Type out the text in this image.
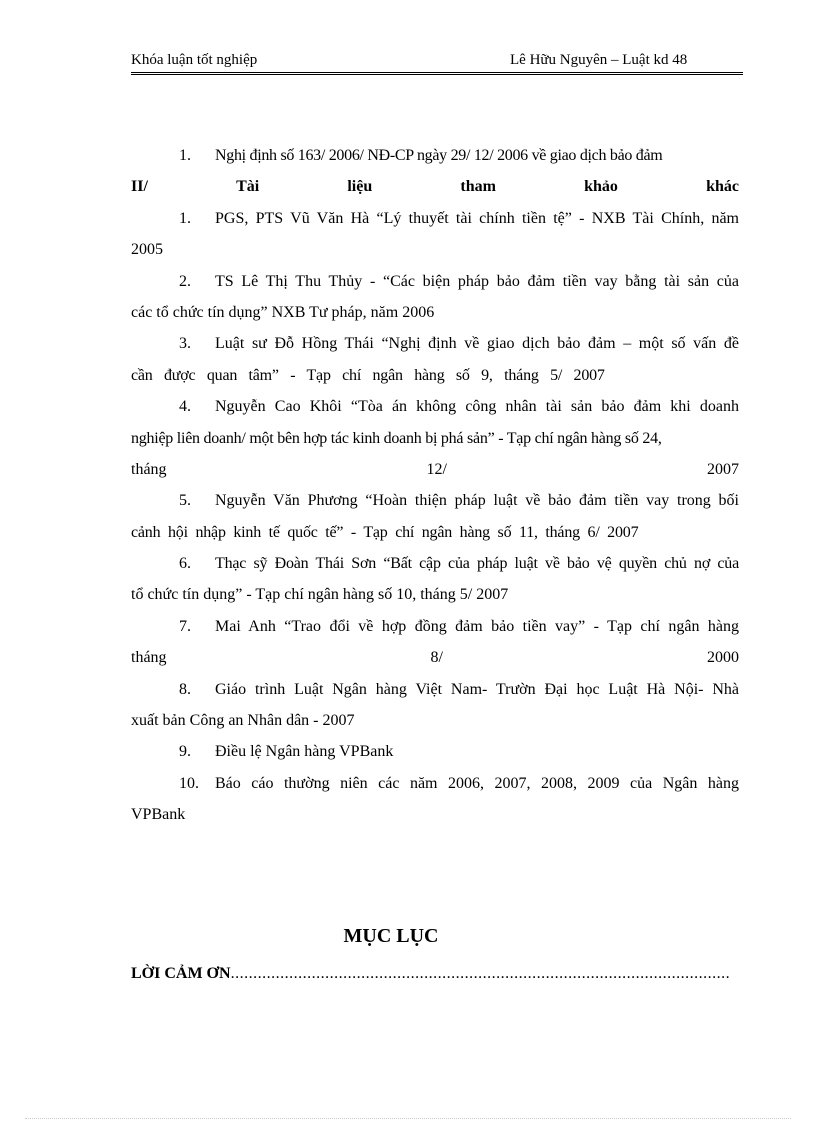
Khóa luận tốt nghiệp	Lê Hữu Nguyên – Luật kd 48
1. Nghị định số 163/ 2006/ NĐ-CP ngày 29/ 12/ 2006 về giao dịch bảo đảm
II/	Tài	liệu	tham	khảo	khác
1. PGS, PTS Vũ Văn Hà “Lý thuyết tài chính tiền tệ” - NXB Tài Chính, năm
2005
2. TS Lê Thị Thu Thủy - “Các biện pháp bảo đảm tiền vay bằng tài sản của
các tổ chức tín dụng” NXB Tư pháp, năm 2006
3. Luật sư Đỗ Hồng Thái “Nghị định về giao dịch bảo đảm – một số vấn đề
cần   được   quan   tâm”   -   Tạp   chí   ngân   hàng   số   9,   tháng   5/   2007
4. Nguyễn Cao Khôi “Tòa án không công nhân tài sản bảo đảm khi doanh
nghiệp liên doanh/ một bên hợp tác kinh doanh bị phá sản” - Tạp chí ngân hàng số 24,
tháng	12/	2007
5. Nguyễn Văn Phương “Hoàn thiện pháp luật về bảo đảm tiền vay trong bối
cảnh  hội  nhập  kinh  tế  quốc  tế”  -  Tạp  chí  ngân  hàng  số  11,  tháng  6/  2007
6. Thạc sỹ Đoàn Thái Sơn “Bất cập của pháp luật về bảo vệ quyền chủ nợ của
tổ chức tín dụng” - Tạp chí ngân hàng số 10, tháng 5/ 2007
7. Mai Anh “Trao đổi về hợp đồng đảm bảo tiền vay” - Tạp chí ngân hàng
tháng	8/	2000
8. Giáo trình Luật Ngân hàng Việt Nam- Trườn Đại học Luật Hà Nội- Nhà
xuất bản Công an Nhân dân - 2007
9. Điều lệ Ngân hàng VPBank
10. Báo cáo thường niên các năm 2006, 2007, 2008, 2009 của Ngân hàng
VPBank
MỤC LỤC
LỜI CẢM ƠN
.....
